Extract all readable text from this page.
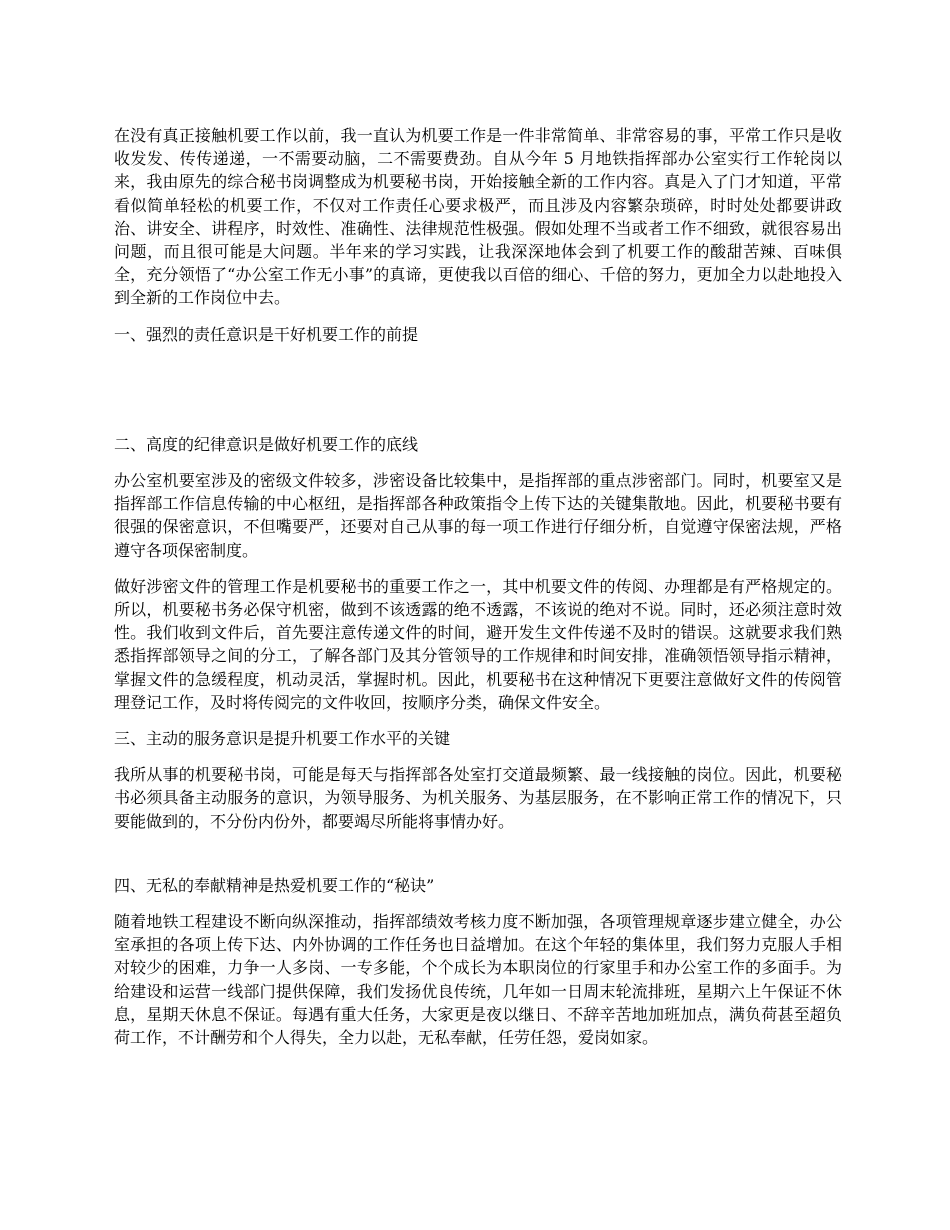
在没有真正接触机要工作以前，我一直认为机要工作是一件非常简单、非常容易的事，平常工作只是收收发发、传传递递，一不需要动脑，二不需要费劲。自从今年 5 月地铁指挥部办公室实行工作轮岗以来，我由原先的综合秘书岗调整成为机要秘书岗，开始接触全新的工作内容。真是入了门才知道，平常看似简单轻松的机要工作，不仅对工作责任心要求极严，而且涉及内容繁杂琐碎，时时处处都要讲政治、讲安全、讲程序，时效性、准确性、法律规范性极强。假如处理不当或者工作不细致，就很容易出问题，而且很可能是大问题。半年来的学习实践，让我深深地体会到了机要工作的酸甜苦辣、百味俱全，充分领悟了“办公室工作无小事”的真谛，更使我以百倍的细心、千倍的努力，更加全力以赴地投入到全新的工作岗位中去。

一、强烈的责任意识是干好机要工作的前提

二、高度的纪律意识是做好机要工作的底线

办公室机要室涉及的密级文件较多，涉密设备比较集中，是指挥部的重点涉密部门。同时，机要室又是指挥部工作信息传输的中心枢纽，是指挥部各种政策指令上传下达的关键集散地。因此，机要秘书要有很强的保密意识，不但嘴要严，还要对自己从事的每一项工作进行仔细分析，自觉遵守保密法规，严格遵守各项保密制度。

做好涉密文件的管理工作是机要秘书的重要工作之一，其中机要文件的传阅、办理都是有严格规定的。所以，机要秘书务必保守机密，做到不该透露的绝不透露，不该说的绝对不说。同时，还必须注意时效性。我们收到文件后，首先要注意传递文件的时间，避开发生文件传递不及时的错误。这就要求我们熟悉指挥部领导之间的分工，了解各部门及其分管领导的工作规律和时间安排，准确领悟领导指示精神，掌握文件的急缓程度，机动灵活，掌握时机。因此，机要秘书在这种情况下更要注意做好文件的传阅管理登记工作，及时将传阅完的文件收回，按顺序分类，确保文件安全。

三、主动的服务意识是提升机要工作水平的关键

我所从事的机要秘书岗，可能是每天与指挥部各处室打交道最频繁、最一线接触的岗位。因此，机要秘书必须具备主动服务的意识，为领导服务、为机关服务、为基层服务，在不影响正常工作的情况下，只要能做到的，不分份内份外，都要竭尽所能将事情办好。

四、无私的奉献精神是热爱机要工作的“秘诀”

随着地铁工程建设不断向纵深推动，指挥部绩效考核力度不断加强，各项管理规章逐步建立健全，办公室承担的各项上传下达、内外协调的工作任务也日益增加。在这个年轻的集体里，我们努力克服人手相对较少的困难，力争一人多岗、一专多能，个个成长为本职岗位的行家里手和办公室工作的多面手。为给建设和运营一线部门提供保障，我们发扬优良传统，几年如一日周末轮流排班，星期六上午保证不休息，星期天休息不保证。每遇有重大任务，大家更是夜以继日、不辞辛苦地加班加点，满负荷甚至超负荷工作，不计酬劳和个人得失，全力以赴，无私奉献，任劳任怨，爱岗如家。
